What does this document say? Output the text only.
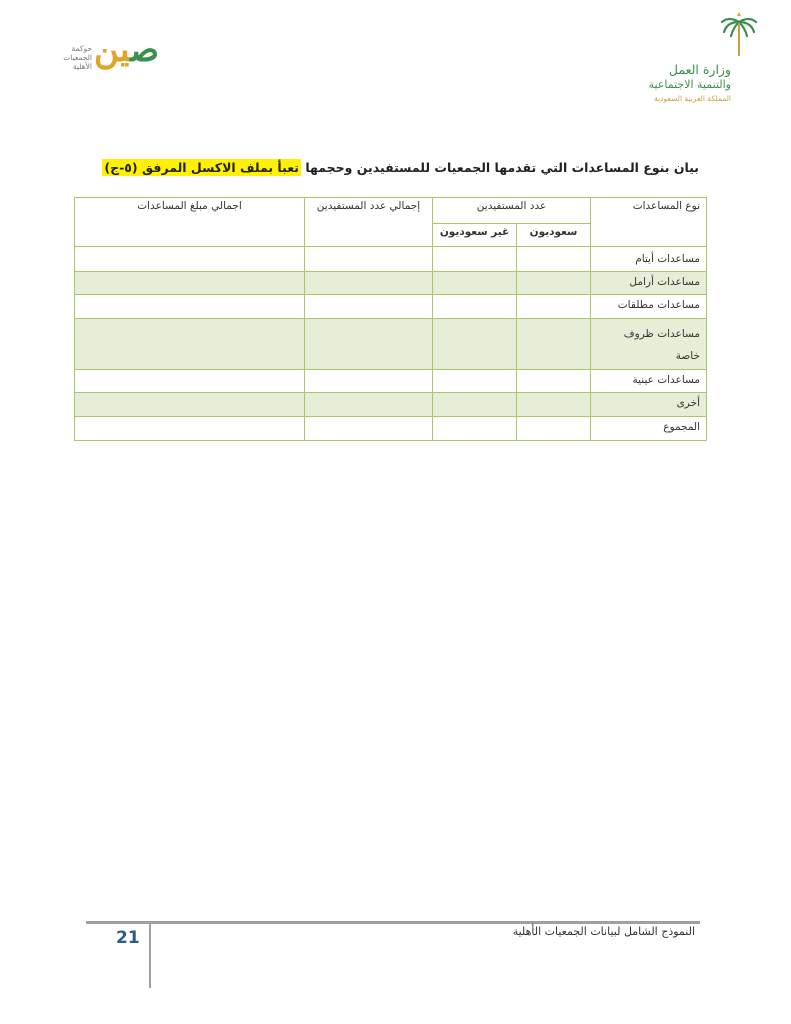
حوكمة
الجمعيات
الأهلية	صين	وزارة العمل
والتنمية الاجتماعية
المملكة العربية السعودية
بيان بنوع المساعدات التي تقدمها الجمعيات للمستفيدين وحجمها تعبأ بملف الاكسل المرفق (٥-ج)
نوع المساعدات	عدد المستفيدين		إجمالي عدد المستفيدين	اجمالي مبلغ المساعدات
	سعوديون	غير سعوديون		
مساعدات أيتام				
مساعدات أرامل				
مساعدات مطلقات				
مساعدات ظروف خاصة				
مساعدات عينية				
أخرى				
المجموع				
21	النموذج الشامل لبيانات الجمعيات الأهلية
